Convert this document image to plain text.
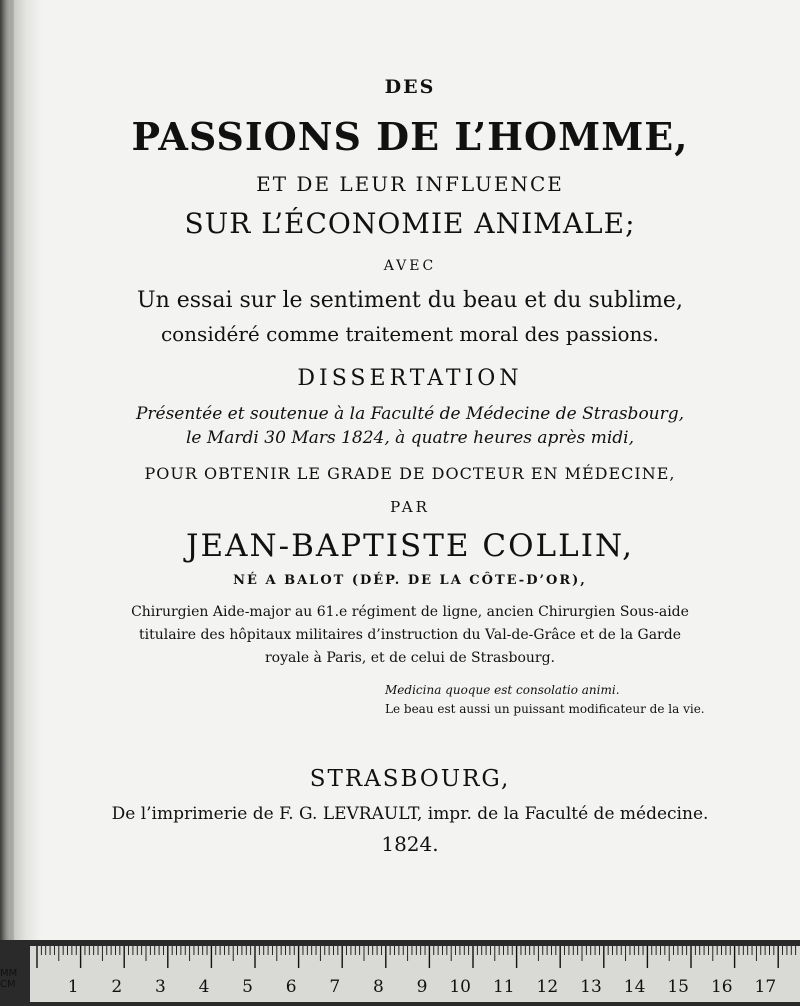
DES
PASSIONS DE L’HOMME,
ET DE LEUR INFLUENCE
SUR L’ÉCONOMIE ANIMALE;
AVEC
Un essai sur le sentiment du beau et du sublime,
considéré comme traitement moral des passions.
DISSERTATION
Présentée et soutenue à la Faculté de Médecine de Strasbourg,
le Mardi 30 Mars 1824, à quatre heures après midi,
POUR OBTENIR LE GRADE DE DOCTEUR EN MÉDECINE,
PAR
JEAN-BAPTISTE COLLIN,
NÉ A BALOT (DÉP. DE LA CÔTE-D’OR),
Chirurgien Aide-major au 61.e régiment de ligne, ancien Chirurgien Sous-aide
titulaire des hôpitaux militaires d’instruction du Val-de-Grâce et de la Garde
royale à Paris, et de celui de Strasbourg.
Medicina quoque est consolatio animi.
Le beau est aussi un puissant modificateur de la vie.
STRASBOURG,
De l’imprimerie de F. G. LEVRAULT, impr. de la Faculté de médecine.
1824.
1 2 3 4 5 6 7 8 9 10 11 12 13 14 15 16 17
MM
CM
